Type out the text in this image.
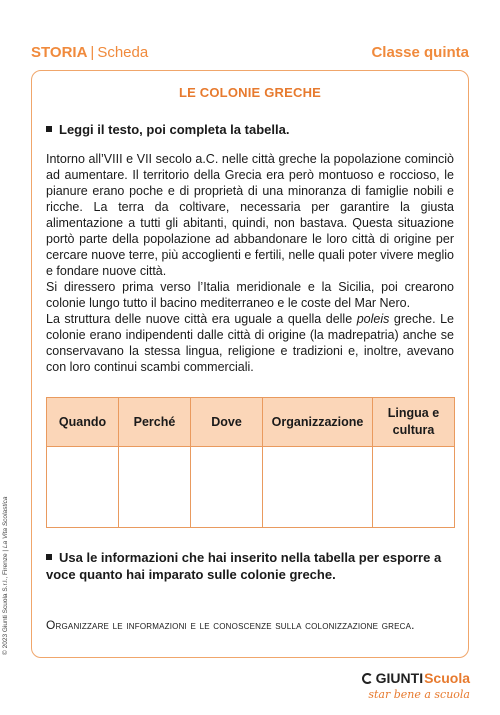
STORIA | Scheda	Classe quinta
LE COLONIE GRECHE
Leggi il testo, poi completa la tabella.

Intorno all’VIII e VII secolo a.C. nelle città greche la popolazione cominciò ad aumentare. Il territorio della Grecia era però montuoso e roccioso, le pianure erano poche e di proprietà di una minoranza di famiglie nobili e ricche. La terra da coltivare, necessaria per garantire la giusta alimentazione a tutti gli abitanti, quindi, non bastava. Questa situazione portò parte della popolazione ad abbandonare le loro città di origine per cercare nuove terre, più accoglienti e fertili, nelle quali poter vivere meglio e fondare nuove città.

Si diressero prima verso l’Italia meridionale e la Sicilia, poi crearono colonie lungo tutto il bacino mediterraneo e le coste del Mar Nero.

La struttura delle nuove città era uguale a quella delle poleis greche. Le colonie erano indipendenti dalle città di origine (la madrepatria) anche se conservavano la stessa lingua, religione e tradizioni e, inoltre, avevano con loro continui scambi commerciali.

Quando	Perché	Dove	Organizzazione	Lingua e cultura

Usa le informazioni che hai inserito nella tabella per esporre a voce quanto hai imparato sulle colonie greche.
Organizzare le informazioni e le conoscenze sulla colonizzazione greca.
© 2023 Giunti Scuola S.r.l., Firenze | La Vita Scolastica
GIUNTI Scuola
star bene a scuola
